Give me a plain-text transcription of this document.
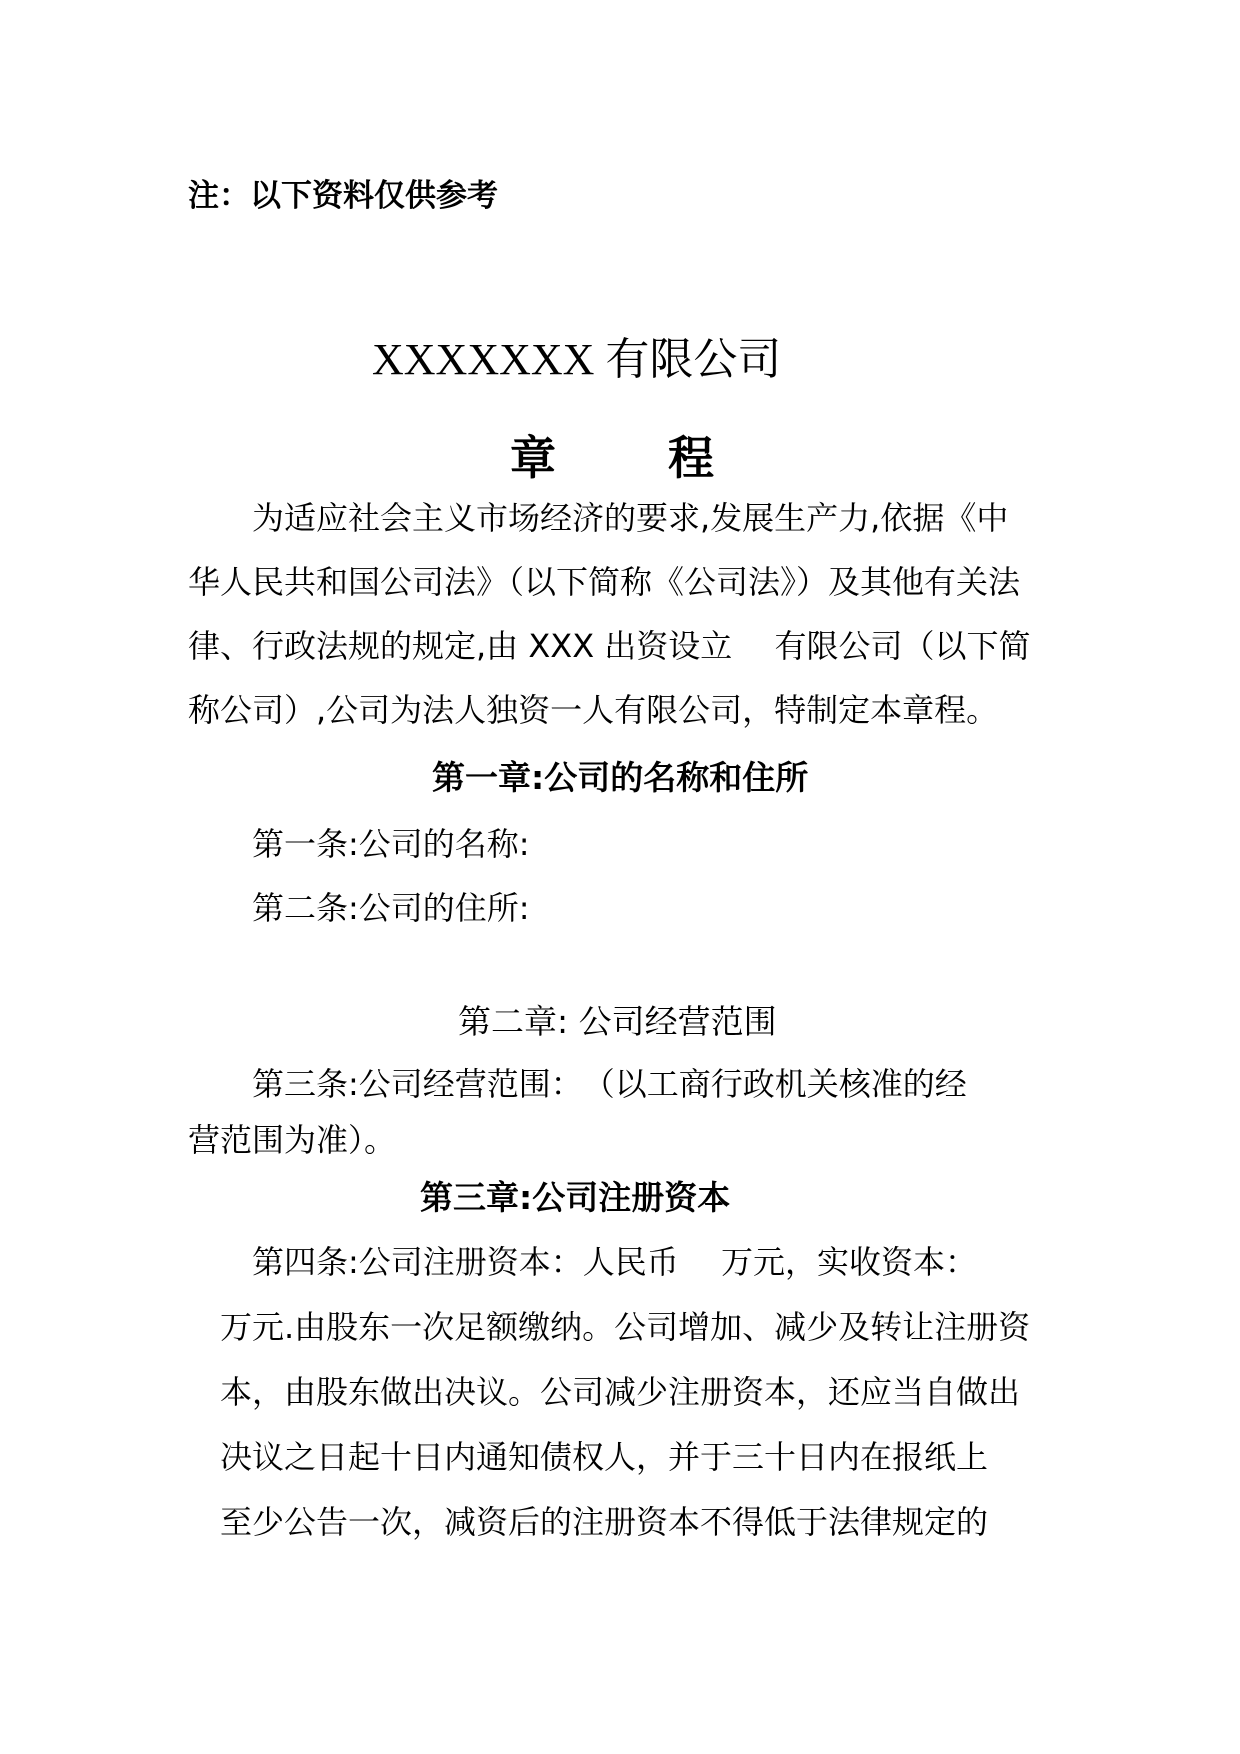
注：以下资料仅供参考
XXXXXXX 有限公司
章 程
为适应社会主义市场经济的要求,发展生产力,依据《中
华人民共和国公司法》（以下简称《公司法》）及其他有关法
律、行政法规的规定,由 XXX 出资设立　 有限公司（以下简
称公司）,公司为法人独资一人有限公司，特制定本章程。
第一章:公司的名称和住所
第一条:公司的名称:
第二条:公司的住所:
第二章: 公司经营范围
第三条:公司经营范围：　（以工商行政机关核准的经
营范围为准）。
第三章:公司注册资本
第四条:公司注册资本：人民币　 万元，实收资本：
万元.由股东一次足额缴纳。公司增加、减少及转让注册资
本，由股东做出决议。公司减少注册资本，还应当自做出
决议之日起十日内通知债权人，并于三十日内在报纸上
至少公告一次，减资后的注册资本不得低于法律规定的
